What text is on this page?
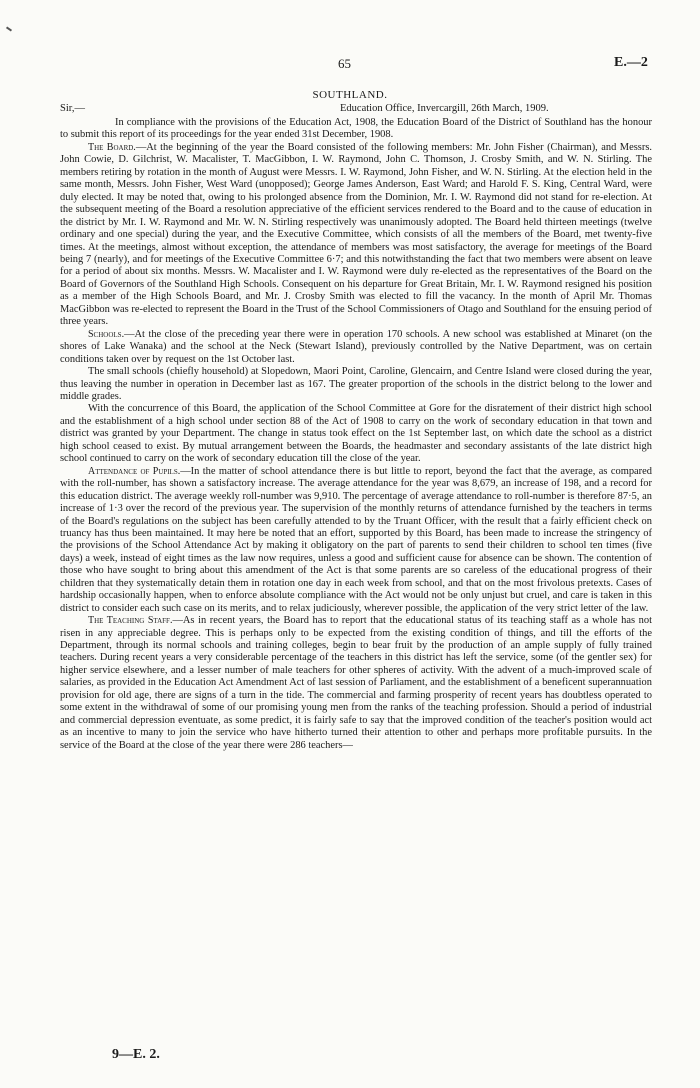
65	E.—2
SOUTHLAND.
Sir,—	Education Office, Invercargill, 26th March, 1909.

In compliance with the provisions of the Education Act, 1908, the Education Board of the District of Southland has the honour to submit this report of its proceedings for the year ended 31st December, 1908.

The Board.—At the beginning of the year the Board consisted of the following members: Mr. John Fisher (Chairman), and Messrs. John Cowie, D. Gilchrist, W. Macalister, T. MacGibbon, I. W. Raymond, John C. Thomson, J. Crosby Smith, and W. N. Stirling. The members retiring by rotation in the month of August were Messrs. I. W. Raymond, John Fisher, and W. N. Stirling. At the election held in the same month, Messrs. John Fisher, West Ward (unopposed); George James Anderson, East Ward; and Harold F. S. King, Central Ward, were duly elected. It may be noted that, owing to his prolonged absence from the Dominion, Mr. I. W. Raymond did not stand for re-election. At the subsequent meeting of the Board a resolution appreciative of the efficient services rendered to the Board and to the cause of education in the district by Mr. I. W. Raymond and Mr. W. N. Stirling respectively was unanimously adopted. The Board held thirteen meetings (twelve ordinary and one special) during the year, and the Executive Committee, which consists of all the members of the Board, met twenty-five times. At the meetings, almost without exception, the attendance of members was most satisfactory, the average for meetings of the Board being 7 (nearly), and for meetings of the Executive Committee 6·7; and this notwithstanding the fact that two members were absent on leave for a period of about six months. Messrs. W. Macalister and I. W. Raymond were duly re-elected as the representatives of the Board on the Board of Governors of the Southland High Schools. Consequent on his departure for Great Britain, Mr. I. W. Raymond resigned his position as a member of the High Schools Board, and Mr. J. Crosby Smith was elected to fill the vacancy. In the month of April Mr. Thomas MacGibbon was re-elected to represent the Board in the Trust of the School Commissioners of Otago and Southland for the ensuing period of three years.

Schools.—At the close of the preceding year there were in operation 170 schools. A new school was established at Minaret (on the shores of Lake Wanaka) and the school at the Neck (Stewart Island), previously controlled by the Native Department, was on certain conditions taken over by request on the 1st October last.

The small schools (chiefly household) at Slopedown, Maori Point, Caroline, Glencairn, and Centre Island were closed during the year, thus leaving the number in operation in December last as 167. The greater proportion of the schools in the district belong to the lower and middle grades.

With the concurrence of this Board, the application of the School Committee at Gore for the disratement of their district high school and the establishment of a high school under section 88 of the Act of 1908 to carry on the work of secondary education in that town and district was granted by your Department. The change in status took effect on the 1st September last, on which date the school as a district high school ceased to exist. By mutual arrangement between the Boards, the headmaster and secondary assistants of the late district high school continued to carry on the work of secondary education till the close of the year.

Attendance of Pupils.—In the matter of school attendance there is but little to report, beyond the fact that the average, as compared with the roll-number, has shown a satisfactory increase. The average attendance for the year was 8,679, an increase of 198, and a record for this education district. The average weekly roll-number was 9,910. The percentage of average attendance to roll-number is therefore 87·5, an increase of 1·3 over the record of the previous year. The supervision of the monthly returns of attendance furnished by the teachers in terms of the Board's regulations on the subject has been carefully attended to by the Truant Officer, with the result that a fairly efficient check on truancy has thus been maintained. It may here be noted that an effort, supported by this Board, has been made to increase the stringency of the provisions of the School Attendance Act by making it obligatory on the part of parents to send their children to school ten times (five days) a week, instead of eight times as the law now requires, unless a good and sufficient cause for absence can be shown. The contention of those who have sought to bring about this amendment of the Act is that some parents are so careless of the educational progress of their children that they systematically detain them in rotation one day in each week from school, and that on the most frivolous pretexts. Cases of hardship occasionally happen, when to enforce absolute compliance with the Act would not be only unjust but cruel, and care is taken in this district to consider each such case on its merits, and to relax judiciously, wherever possible, the application of the very strict letter of the law.

The Teaching Staff.—As in recent years, the Board has to report that the educational status of its teaching staff as a whole has not risen in any appreciable degree. This is perhaps only to be expected from the existing condition of things, and till the efforts of the Department, through its normal schools and training colleges, begin to bear fruit by the production of an ample supply of fully trained teachers. During recent years a very considerable percentage of the teachers in this district has left the service, some (of the gentler sex) for higher service elsewhere, and a lesser number of male teachers for other spheres of activity. With the advent of a much-improved scale of salaries, as provided in the Education Act Amendment Act of last session of Parliament, and the establishment of a beneficent superannuation provision for old age, there are signs of a turn in the tide. The commercial and farming prosperity of recent years has doubtless operated to some extent in the withdrawal of some of our promising young men from the ranks of the teaching profession. Should a period of industrial and commercial depression eventuate, as some predict, it is fairly safe to say that the improved condition of the teacher's position would act as an incentive to many to join the service who have hitherto turned their attention to other and perhaps more profitable pursuits. In the service of the Board at the close of the year there were 286 teachers—

9—E. 2.
